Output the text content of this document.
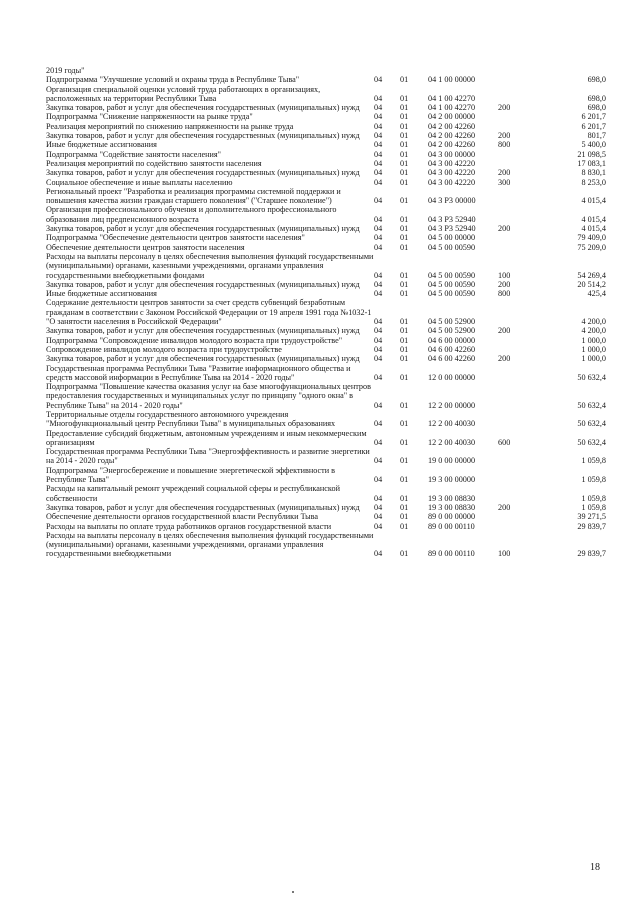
2019 годы"					
Подпрограмма "Улучшение условий и охраны труда в Республике Тыва"	04	01	04 1 00 00000		698,0
Организация специальной оценки условий труда работающих в организациях, расположенных на территории Республики Тыва	04	01	04 1 00 42270		698,0
Закупка товаров, работ и услуг для обеспечения государственных (муниципальных) нужд	04	01	04 1 00 42270	200	698,0
Подпрограмма "Снижение напряженности на рынке труда"	04	01	04 2 00 00000		6 201,7
Реализация мероприятий по снижению напряженности на рынке труда	04	01	04 2 00 42260		6 201,7
Закупка товаров, работ и услуг для обеспечения государственных (муниципальных) нужд	04	01	04 2 00 42260	200	801,7
Иные бюджетные ассигнования	04	01	04 2 00 42260	800	5 400,0
Подпрограмма "Содействие занятости населения"	04	01	04 3 00 00000		21 098,5
Реализация мероприятий по содействию занятости населения	04	01	04 3 00 42220		17 083,1
Закупка товаров, работ и услуг для обеспечения государственных (муниципальных) нужд	04	01	04 3 00 42220	200	8 830,1
Социальное обеспечение и иные выплаты населению	04	01	04 3 00 42220	300	8 253,0
Региональный проект "Разработка и реализация программы системной поддержки и повышения качества жизни граждан старшего поколения" ("Старшее поколение")	04	01	04 3 P3 00000		4 015,4
Организация профессионального обучения и дополнительного профессионального образования лиц предпенсионного возраста	04	01	04 3 P3 52940		4 015,4
Закупка товаров, работ и услуг для обеспечения государственных (муниципальных) нужд	04	01	04 3 P3 52940	200	4 015,4
Подпрограмма "Обеспечение деятельности центров занятости населения"	04	01	04 5 00 00000		79 409,0
Обеспечение деятельности центров занятости населения	04	01	04 5 00 00590		75 209,0
Расходы на выплаты персоналу в целях обеспечения выполнения функций государственными (муниципальными) органами, казенными учреждениями, органами управления государственными внебюджетными фондами	04	01	04 5 00 00590	100	54 269,4
Закупка товаров, работ и услуг для обеспечения государственных (муниципальных) нужд	04	01	04 5 00 00590	200	20 514,2
Иные бюджетные ассигнования	04	01	04 5 00 00590	800	425,4
Содержание деятельности центров занятости за счет средств субвенций безработным гражданам в соответствии с Законом Российской Федерации от 19 апреля 1991 года №1032-1 "О занятости населения в Российской Федерации"	04	01	04 5 00 52900		4 200,0
Закупка товаров, работ и услуг для обеспечения государственных (муниципальных) нужд	04	01	04 5 00 52900	200	4 200,0
Подпрограмма "Сопровождение инвалидов молодого возраста при трудоустройстве"	04	01	04 6 00 00000		1 000,0
Сопровождение инвалидов молодого возраста при трудоустройстве	04	01	04 6 00 42260		1 000,0
Закупка товаров, работ и услуг для обеспечения государственных (муниципальных) нужд	04	01	04 6 00 42260	200	1 000,0
Государственная программа Республики Тыва "Развитие информационного общества и средств массовой информации в Республике Тыва на 2014 - 2020 годы"	04	01	12 0 00 00000		50 632,4
Подпрограмма "Повышение качества оказания услуг на базе многофункциональных центров предоставления государственных и муниципальных услуг по принципу "одного окна" в Республике Тыва" на 2014 - 2020 годы"	04	01	12 2 00 00000		50 632,4
Территориальные отделы государственного автономного учреждения "Многофункциональный центр Республики Тыва" в муниципальных образованиях	04	01	12 2 00 40030		50 632,4
Предоставление субсидий бюджетным, автономным учреждениям и иным некоммерческим организациям	04	01	12 2 00 40030	600	50 632,4
Государственная программа Республики Тыва "Энергоэффективность и развитие энергетики на 2014 - 2020 годы"	04	01	19 0 00 00000		1 059,8
Подпрограмма "Энергосбережение и повышение энергетической эффективности в Республике Тыва"	04	01	19 3 00 00000		1 059,8
Расходы на капитальный ремонт учреждений социальной сферы и республиканской собственности	04	01	19 3 00 08830		1 059,8
Закупка товаров, работ и услуг для обеспечения государственных (муниципальных) нужд	04	01	19 3 00 08830	200	1 059,8
Обеспечение деятельности органов государственной власти Республики Тыва	04	01	89 0 00 00000		39 271,5
Расходы на выплаты по оплате труда работников органов государственной власти	04	01	89 0 00 00110		29 839,7
Расходы на выплаты персоналу в целях обеспечения выполнения функций государственными (муниципальными) органами, казенными учреждениями, органами управления государственными внебюджетными	04	01	89 0 00 00110	100	29 839,7
18
